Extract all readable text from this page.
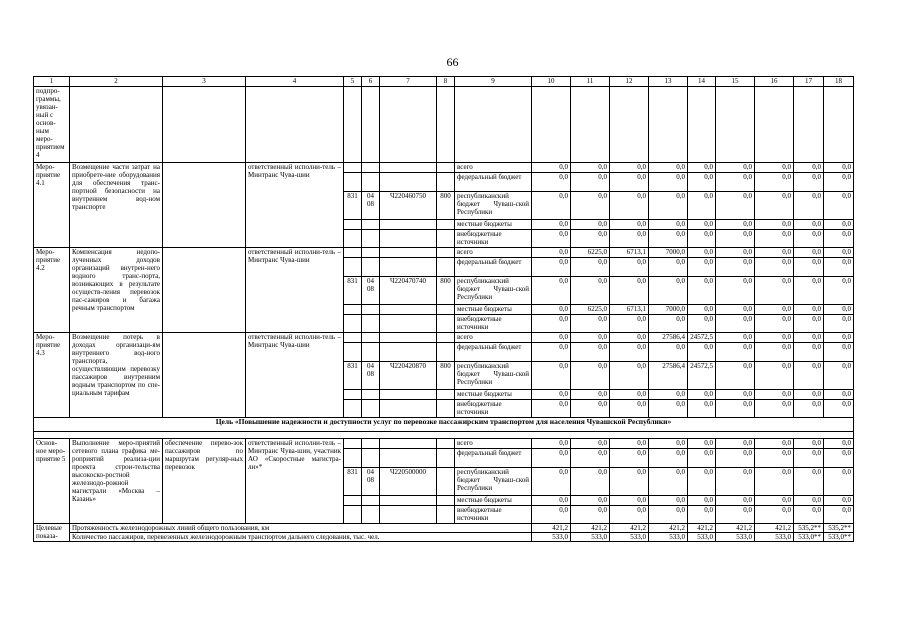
66
1	2	3	4	5	6	7	8	9	10	11	12	13	14	15	16	17	18
подпро-граммы, увязан-ный с основ-ным меро-приятием 4																	
Меро-приятие 4.1	Возмещение части затрат на приобрете-ние оборудования для обеспечения транс-портной безопасности на внутреннем вод-ном транспорте		ответственный исполни-тель – Минтранс Чува-шии					всего	0,0	0,0	0,0	0,0	0,0	0,0	0,0	0,0	0,0
								федеральный бюджет	0,0	0,0	0,0	0,0	0,0	0,0	0,0	0,0	0,0
				831	04 08	Ч220460750	800	республиканский бюджет Чуваш-ской Республики	0,0	0,0	0,0	0,0	0,0	0,0	0,0	0,0	0,0
								местные бюджеты	0,0	0,0	0,0	0,0	0,0	0,0	0,0	0,0	0,0
								внебюджетные источники	0,0	0,0	0,0	0,0	0,0	0,0	0,0	0,0	0,0
Меро-приятие 4.2	Компенсация недопо-лученных доходов организаций внутрен-него водного транс-порта, возникающих в результате осуществ-ления перевозок пас-сажиров и багажа речным транспортом		ответственный исполни-тель – Минтранс Чува-шии					всего	0,0	6225,0	6713,1	7000,0	0,0	0,0	0,0	0,0	0,0
								федеральный бюджет	0,0	0,0	0,0	0,0	0,0	0,0	0,0	0,0	0,0
				831	04 08	Ч220470740	800	республиканский бюджет Чуваш-ской Республики	0,0	0,0	0,0	0,0	0,0	0,0	0,0	0,0	0,0
								местные бюджеты	0,0	6225,0	6713,1	7000,0	0,0	0,0	0,0	0,0	0,0
								внебюджетные источники	0,0	0,0	0,0	0,0	0,0	0,0	0,0	0,0	0,0
Меро-приятие 4.3	Возмещение потерь в доходах организаци-ям внутреннего вод-ного транспорта, осуществляющим перевозку пассажиров внутренним водным транспортом по спе-циальным тарифам		ответственный исполни-тель – Минтранс Чува-шии					всего	0,0	0,0	0,0	27586,4	24572,5	0,0	0,0	0,0	0,0
								федеральный бюджет	0,0	0,0	0,0	0,0	0,0	0,0	0,0	0,0	0,0
				831	04 08	Ч220420870	800	республиканский бюджет Чуваш-ской Республики	0,0	0,0	0,0	27586,4	24572,5	0,0	0,0	0,0	0,0
								местные бюджеты	0,0	0,0	0,0	0,0	0,0	0,0	0,0	0,0	0,0
								внебюджетные источники	0,0	0,0	0,0	0,0	0,0	0,0	0,0	0,0	0,0
Цель «Повышение надежности и доступности услуг по перевозке пассажирским транспортом для населения Чувашской Республики»																	

Основ-ное меро-приятие 5	Выполнение меро-приятий сетевого плана графика ме-роприятий реализа-ции проекта строи-тельства высокоско-ростной железнодо-рожной магистрали «Москва – Казань»	обеспечение перево-зок пассажиров по маршрутам регуляр-ных перевозок	ответственный исполни-тель – Минтранс Чува-шии, участник АО «Скоростные магистра-ли»*					всего	0,0	0,0	0,0	0,0	0,0	0,0	0,0	0,0	0,0
								федеральный бюджет	0,0	0,0	0,0	0,0	0,0	0,0	0,0	0,0	0,0
				831	04 08	Ч220500000		республиканский бюджет Чуваш-ской Республики	0,0	0,0	0,0	0,0	0,0	0,0	0,0	0,0	0,0
								местные бюджеты	0,0	0,0	0,0	0,0	0,0	0,0	0,0	0,0	0,0
								внебюджетные источники	0,0	0,0	0,0	0,0	0,0	0,0	0,0	0,0	0,0
Целевые показа-	Протяженность железнодорожных линий общего пользования, км								421,2	421,2	421,2	421,2	421,2	421,2	421,2	535,2**	535,2**
	Количество пассажиров, перевезенных железнодорожным транспортом дальнего следования, тыс. чел.								533,0	533,0	533,0	533,0	533,0	533,0	533,0	533,0**	533,0**
